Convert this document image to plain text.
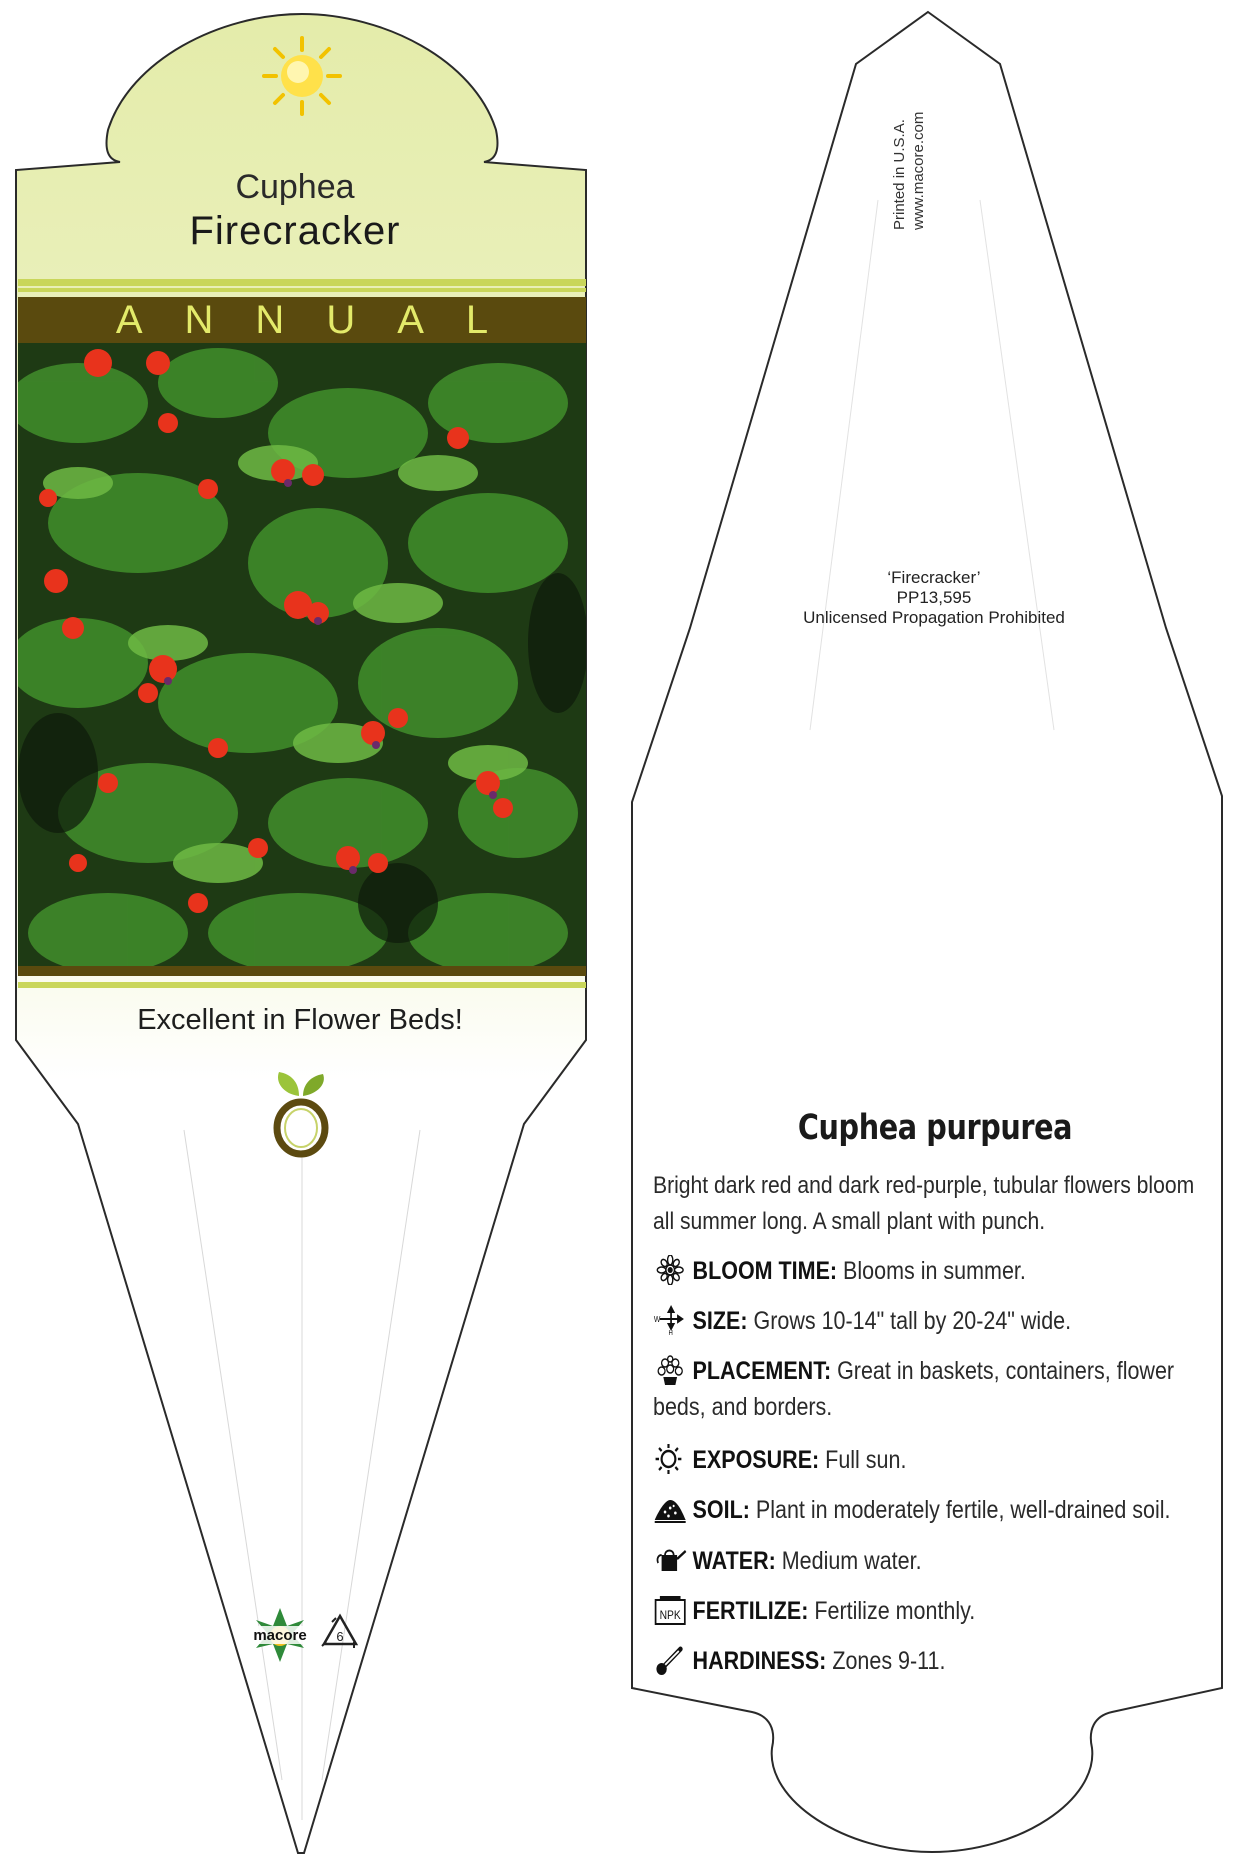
Cuphea
Firecracker
ANNUAL
Excellent in Flower Beds!
macore 6
Printed in U.S.A. www.macore.com
‘Firecracker’
PP13,595
Unlicensed Propagation Prohibited
Cuphea purpurea
Bright dark red and dark red-purple, tubular flowers bloom all summer long. A small plant with punch.
BLOOM TIME: Blooms in summer.
W
H SIZE: Grows 10-14" tall by 20-24" wide.
PLACEMENT: Great in baskets, containers, flower beds, and borders.
EXPOSURE: Full sun.
SOIL: Plant in moderately fertile, well-drained soil.
WATER: Medium water.
NPK FERTILIZE: Fertilize monthly.
HARDINESS: Zones 9-11.
